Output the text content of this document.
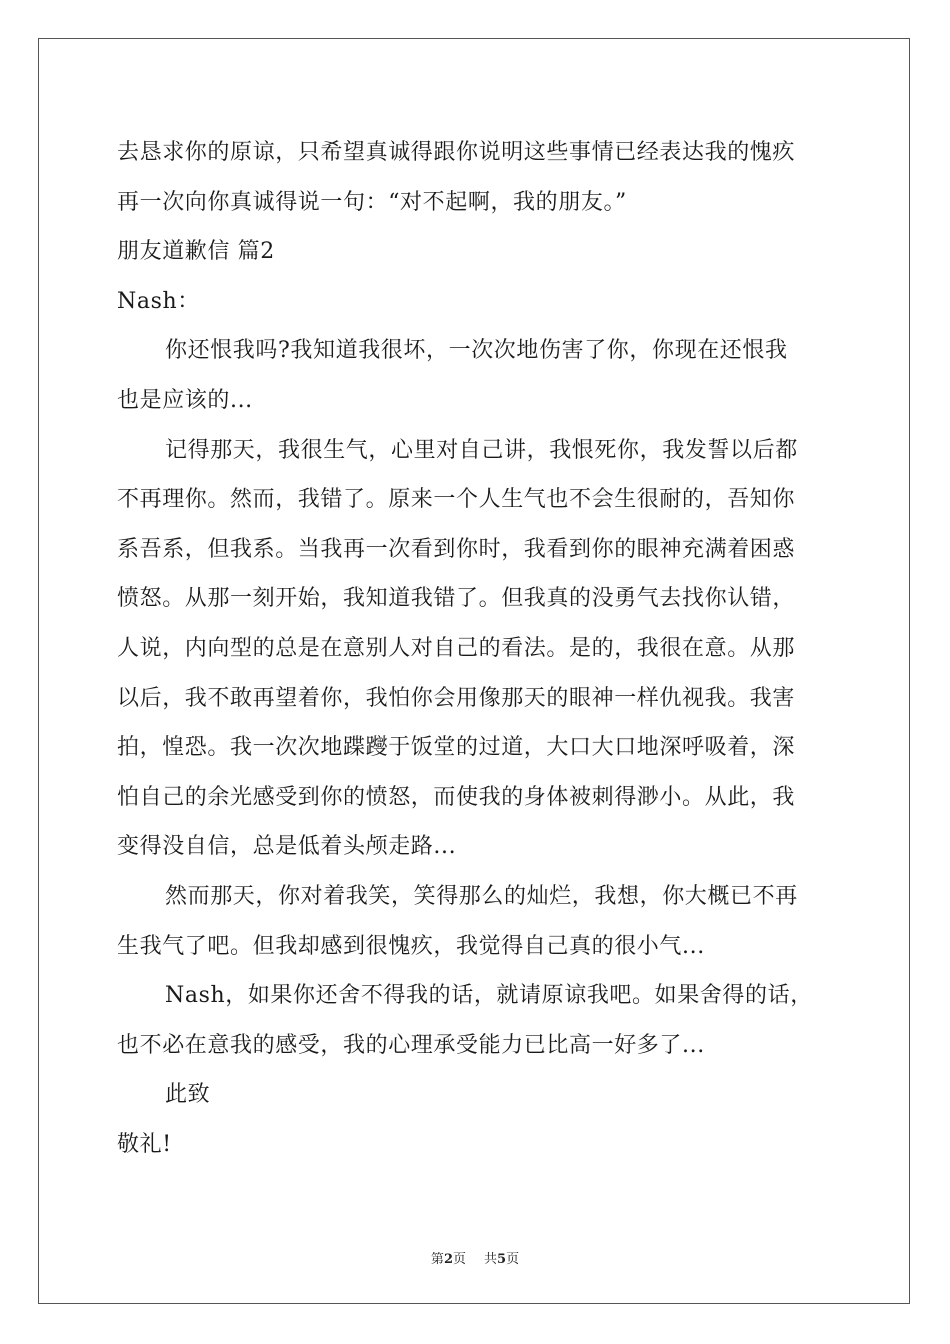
去恳求你的原谅，只希望真诚得跟你说明这些事情已经表达我的愧疚
再一次向你真诚得说一句：“对不起啊，我的朋友。”
朋友道歉信 篇2
Nash：
你还恨我吗?我知道我很坏，一次次地伤害了你，你现在还恨我
也是应该的...
记得那天，我很生气，心里对自己讲，我恨死你，我发誓以后都
不再理你。然而，我错了。原来一个人生气也不会生很耐的，吾知你
系吾系，但我系。当我再一次看到你时，我看到你的眼神充满着困惑
愤怒。从那一刻开始，我知道我错了。但我真的没勇气去找你认错，
人说，内向型的总是在意别人对自己的看法。是的，我很在意。从那
以后，我不敢再望着你，我怕你会用像那天的眼神一样仇视我。我害
拍，惶恐。我一次次地蹀躞于饭堂的过道，大口大口地深呼吸着，深
怕自己的余光感受到你的愤怒，而使我的身体被刺得渺小。从此，我
变得没自信，总是低着头颅走路...
然而那天，你对着我笑，笑得那么的灿烂，我想，你大概已不再
生我气了吧。但我却感到很愧疚，我觉得自己真的很小气...
Nash，如果你还舍不得我的话，就请原谅我吧。如果舍得的话，
也不必在意我的感受，我的心理承受能力已比高一好多了...
此致
敬礼!
第2页 共5页
